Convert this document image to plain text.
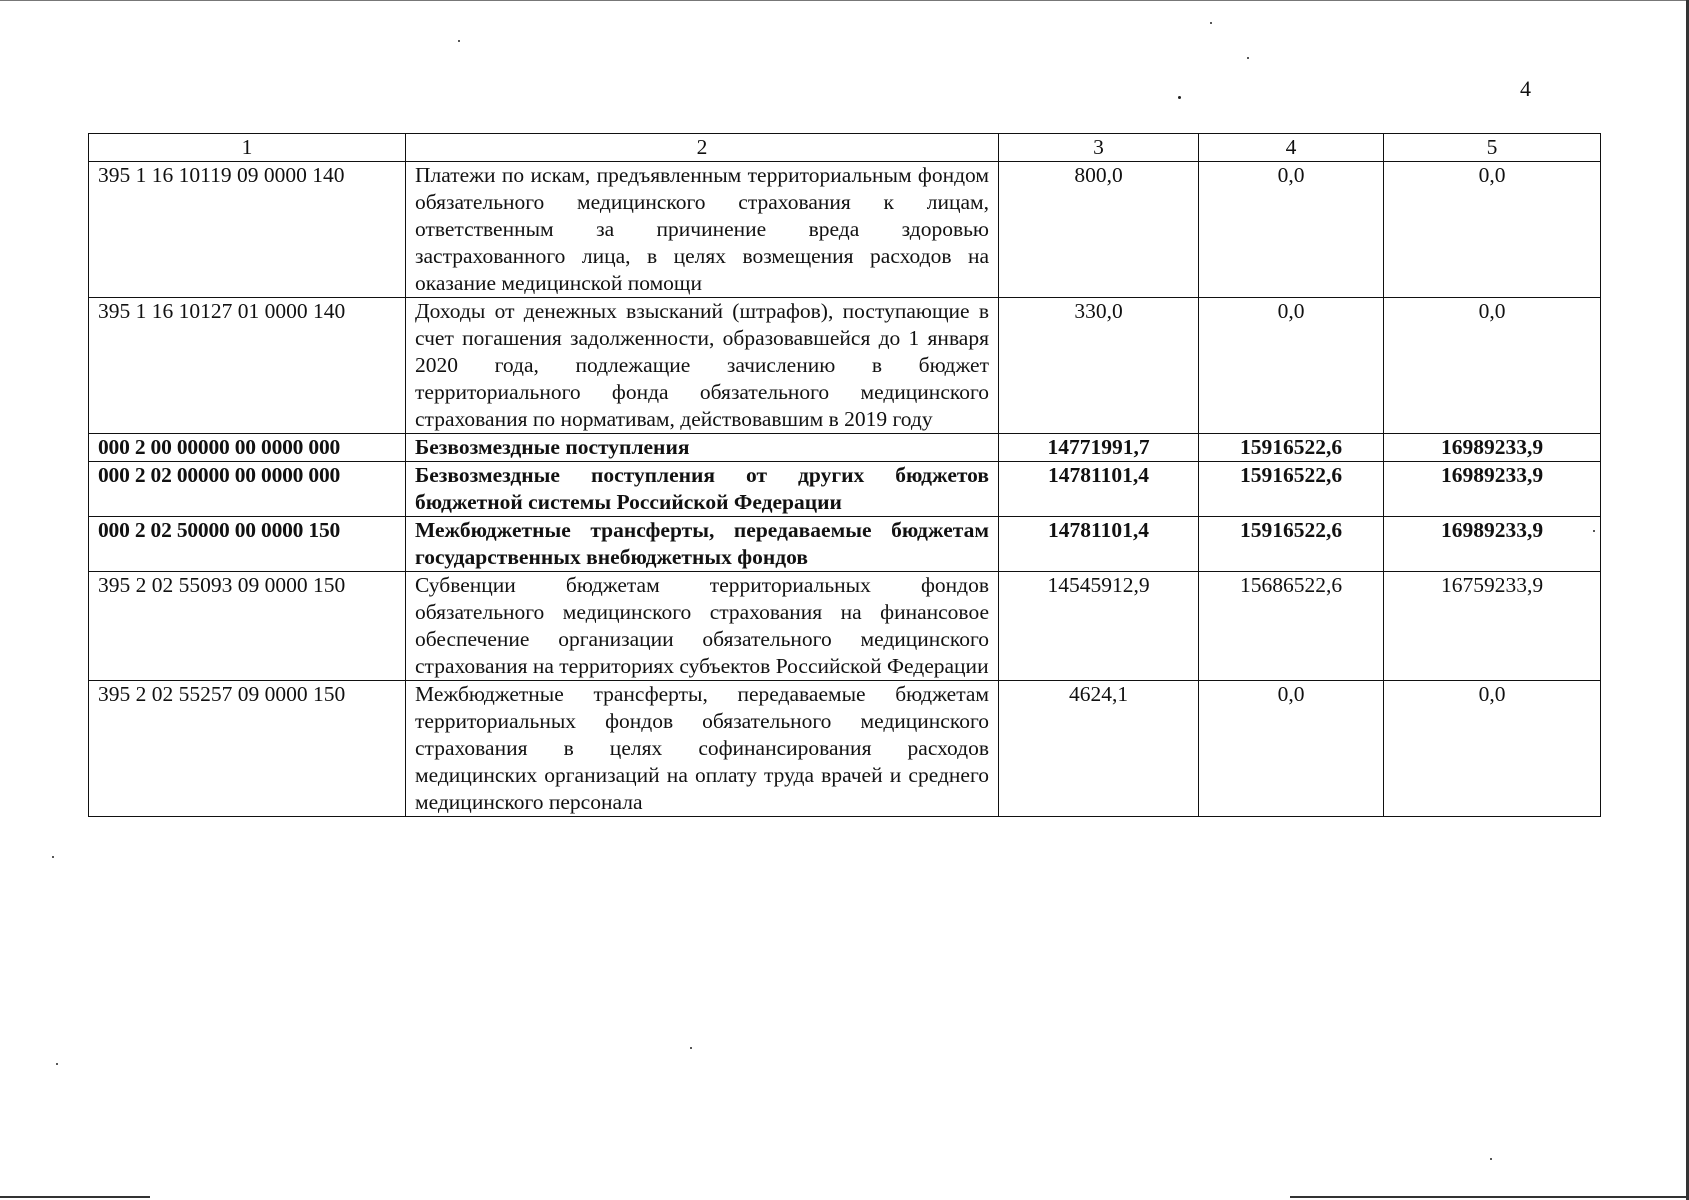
4
1	2	3	4	5
395 1 16 10119 09 0000 140	Платежи по искам, предъявленным территориальным фондом обязательного медицинского страхования к лицам, ответственным за причинение вреда здоровью застрахованного лица, в целях возмещения расходов на оказание медицинской помощи	800,0	0,0	0,0
395 1 16 10127 01 0000 140	Доходы от денежных взысканий (штрафов), поступающие в счет погашения задолженности, образовавшейся до 1 января 2020 года, подлежащие зачислению в бюджет территориального фонда обязательного медицинского страхования по нормативам, действовавшим в 2019 году	330,0	0,0	0,0
000 2 00 00000 00 0000 000	Безвозмездные поступления	14771991,7	15916522,6	16989233,9
000 2 02 00000 00 0000 000	Безвозмездные поступления от других бюджетов бюджетной системы Российской Федерации	14781101,4	15916522,6	16989233,9
000 2 02 50000 00 0000 150	Межбюджетные трансферты, передаваемые бюджетам государственных внебюджетных фондов	14781101,4	15916522,6	16989233,9
395 2 02 55093 09 0000 150	Субвенции бюджетам территориальных фондов обязательного медицинского страхования на финансовое обеспечение организации обязательного медицинского страхования на территориях субъектов Российской Федерации	14545912,9	15686522,6	16759233,9
395 2 02 55257 09 0000 150	Межбюджетные трансферты, передаваемые бюджетам территориальных фондов обязательного медицинского страхования в целях софинансирования расходов медицинских организаций на оплату труда врачей и среднего медицинского персонала	4624,1	0,0	0,0
